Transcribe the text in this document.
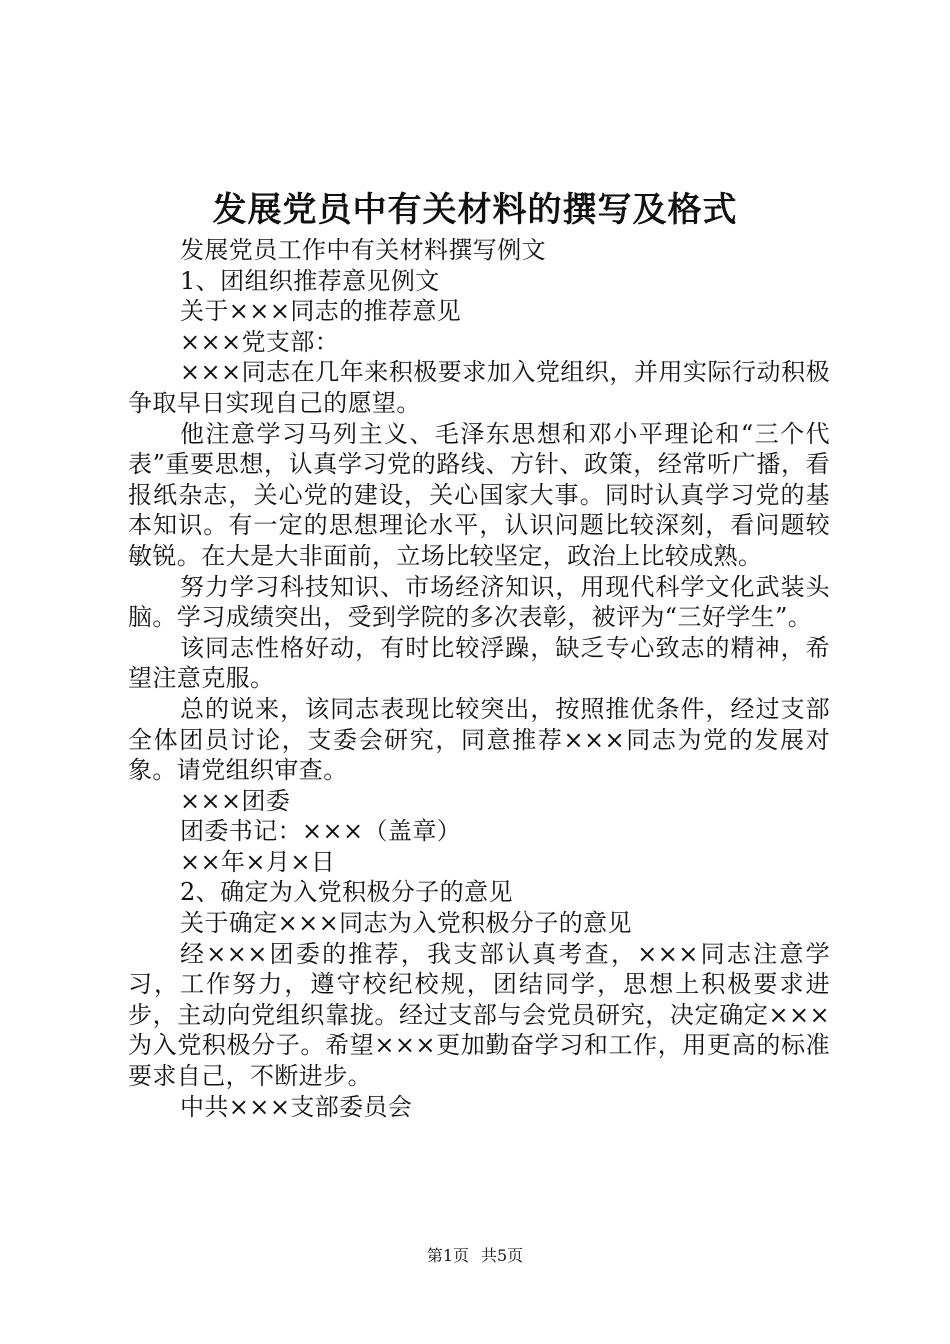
发展党员中有关材料的撰写及格式

发展党员工作中有关材料撰写例文

1、团组织推荐意见例文

关于×××同志的推荐意见

×××党支部：

×××同志在几年来积极要求加入党组织，并用实际行动积极争取早日实现自己的愿望。

他注意学习马列主义、毛泽东思想和邓小平理论和“三个代表”重要思想，认真学习党的路线、方针、政策，经常听广播，看报纸杂志，关心党的建设，关心国家大事。同时认真学习党的基本知识。有一定的思想理论水平，认识问题比较深刻，看问题较敏锐。在大是大非面前，立场比较坚定，政治上比较成熟。

努力学习科技知识、市场经济知识，用现代科学文化武装头脑。学习成绩突出，受到学院的多次表彰，被评为“三好学生”。

该同志性格好动，有时比较浮躁，缺乏专心致志的精神，希望注意克服。

总的说来，该同志表现比较突出，按照推优条件，经过支部全体团员讨论，支委会研究，同意推荐×××同志为党的发展对象。请党组织审查。

×××团委

团委书记：×××（盖章）

××年×月×日

2、确定为入党积极分子的意见

关于确定×××同志为入党积极分子的意见

经×××团委的推荐，我支部认真考查，×××同志注意学习，工作努力，遵守校纪校规，团结同学，思想上积极要求进步，主动向党组织靠拢。经过支部与会党员研究，决定确定×××为入党积极分子。希望×××更加勤奋学习和工作，用更高的标准要求自己，不断进步。

中共×××支部委员会

第1页 共5页
